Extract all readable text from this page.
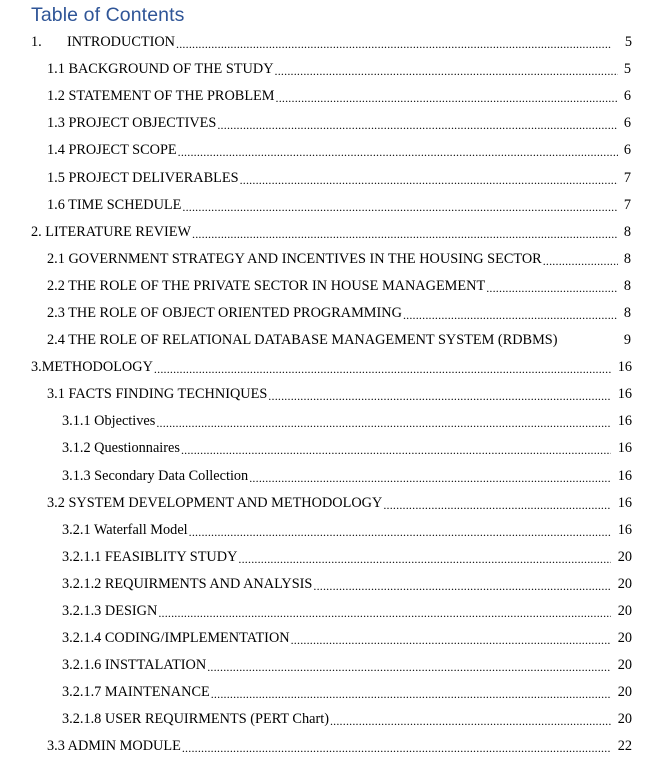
Table of Contents
1. INTRODUCTION .....	5
1.1 BACKGROUND OF THE STUDY .....	5
1.2 STATEMENT OF THE PROBLEM .....	6
1.3 PROJECT OBJECTIVES .....	6
1.4 PROJECT SCOPE .....	6
1.5 PROJECT DELIVERABLES .....	7
1.6 TIME SCHEDULE .....	7
2. LITERATURE REVIEW .....	8
2.1 GOVERNMENT STRATEGY AND INCENTIVES IN THE HOUSING SECTOR .....	8
2.2 THE ROLE OF THE PRIVATE SECTOR IN HOUSE MANAGEMENT .....	8
2.3 THE ROLE OF OBJECT ORIENTED PROGRAMMING .....	8
2.4 THE ROLE OF RELATIONAL DATABASE MANAGEMENT SYSTEM (RDBMS)	9
3.METHODOLOGY .....	16
3.1 FACTS FINDING TECHNIQUES .....	16
3.1.1 Objectives .....	16
3.1.2 Questionnaires .....	16
3.1.3 Secondary Data Collection .....	16
3.2 SYSTEM DEVELOPMENT AND METHODOLOGY .....	16
3.2.1 Waterfall Model .....	16
3.2.1.1 FEASIBLITY STUDY .....	20
3.2.1.2 REQUIRMENTS AND ANALYSIS .....	20
3.2.1.3 DESIGN .....	20
3.2.1.4 CODING/IMPLEMENTATION .....	20
3.2.1.6 INSTTALATION .....	20
3.2.1.7 MAINTENANCE .....	20
3.2.1.8 USER REQUIRMENTS (PERT Chart) .....	20
3.3 ADMIN MODULE .....	22
